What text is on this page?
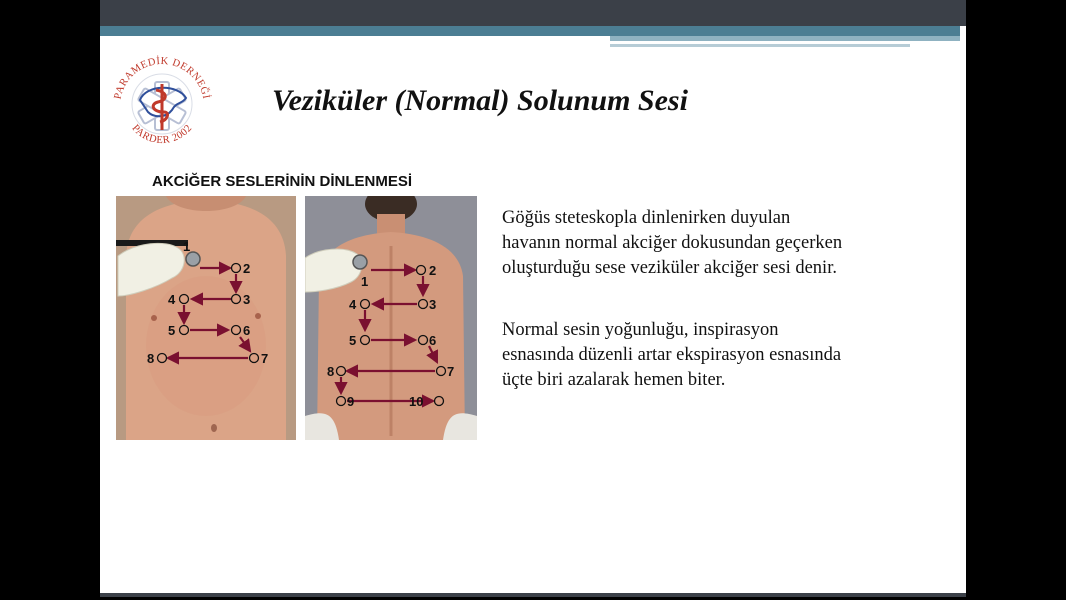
PARAMEDİK DERNEĞİ
PARDER 2002
Veziküler (Normal) Solunum Sesi

AKCİĞER SESLERİNİN DİNLENMESİ

1
2
3
4
5	6
7
8
1
2
3
4
5	6
7
8
9	10

Göğüs steteskopla dinlenirken duyulan
havanın normal akciğer dokusundan geçerken
oluşturduğu sese veziküler akciğer sesi denir.

Normal sesin yoğunluğu, inspirasyon
esnasında düzenli artar ekspirasyon esnasında
üçte biri azalarak hemen biter.
